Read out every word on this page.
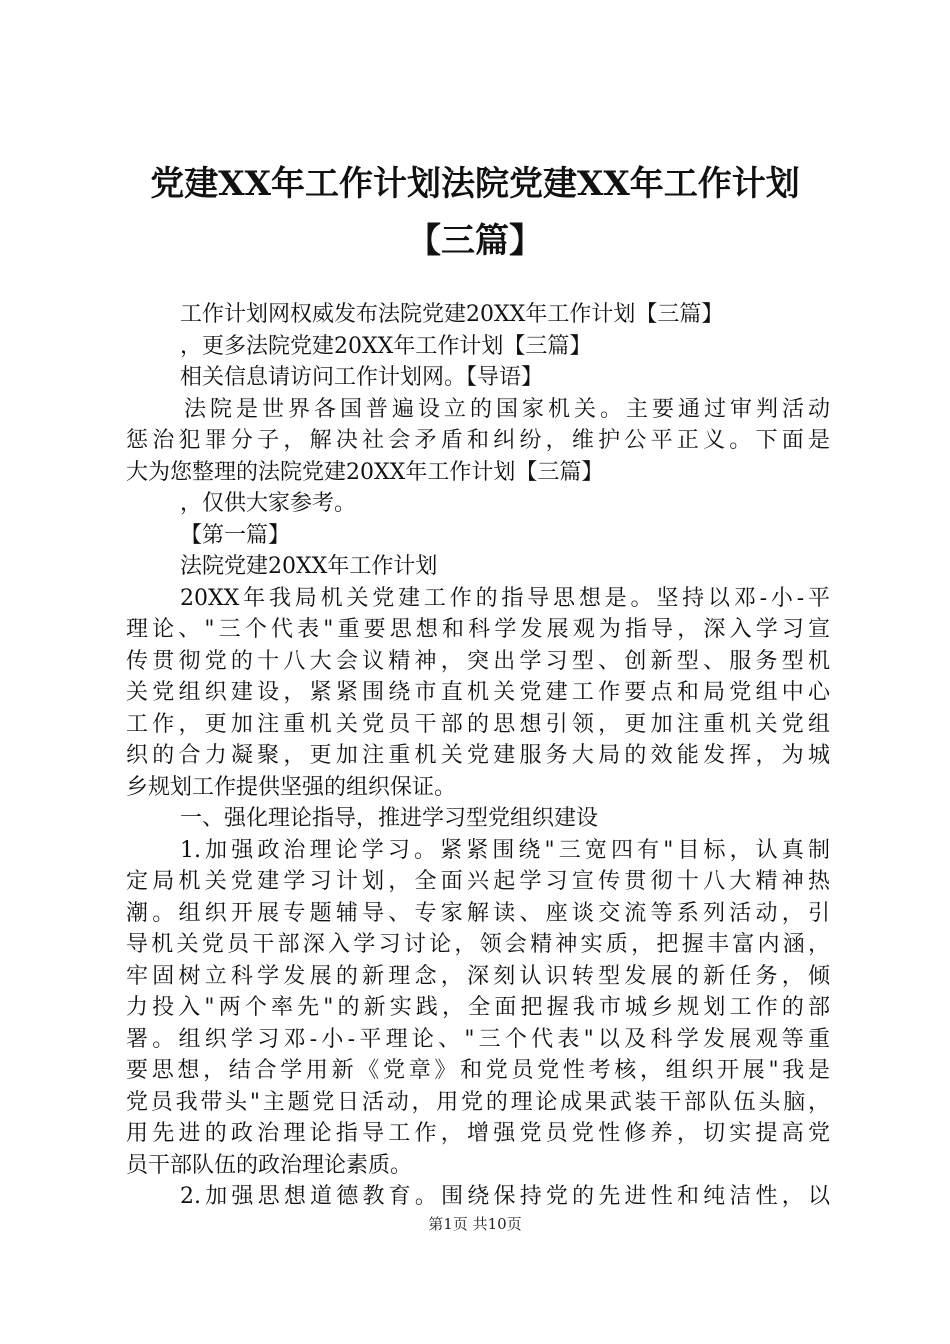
党建XX年工作计划法院党建XX年工作计划
【三篇】
工作计划网权威发布法院党建20XX年工作计划【三篇】
，更多法院党建20XX年工作计划【三篇】
相关信息请访问工作计划网。【导语】
法院是世界各国普遍设立的国家机关。主要通过审判活动
惩治犯罪分子，解决社会矛盾和纠纷，维护公平正义。下面是
大为您整理的法院党建20XX年工作计划【三篇】
，仅供大家参考。
【第一篇】
法院党建20XX年工作计划
20XX年我局机关党建工作的指导思想是。坚持以邓-小-平
理论、"三个代表"重要思想和科学发展观为指导，深入学习宣
传贯彻党的十八大会议精神，突出学习型、创新型、服务型机
关党组织建设，紧紧围绕市直机关党建工作要点和局党组中心
工作，更加注重机关党员干部的思想引领，更加注重机关党组
织的合力凝聚，更加注重机关党建服务大局的效能发挥，为城
乡规划工作提供坚强的组织保证。
一、强化理论指导，推进学习型党组织建设
1.加强政治理论学习。紧紧围绕"三宽四有"目标，认真制
定局机关党建学习计划，全面兴起学习宣传贯彻十八大精神热
潮。组织开展专题辅导、专家解读、座谈交流等系列活动，引
导机关党员干部深入学习讨论，领会精神实质，把握丰富内涵，
牢固树立科学发展的新理念，深刻认识转型发展的新任务，倾
力投入"两个率先"的新实践，全面把握我市城乡规划工作的部
署。组织学习邓-小-平理论、"三个代表"以及科学发展观等重
要思想，结合学用新《党章》和党员党性考核，组织开展"我是
党员我带头"主题党日活动，用党的理论成果武装干部队伍头脑，
用先进的政治理论指导工作，增强党员党性修养，切实提高党
员干部队伍的政治理论素质。
2.加强思想道德教育。围绕保持党的先进性和纯洁性，以
第1页 共10页
